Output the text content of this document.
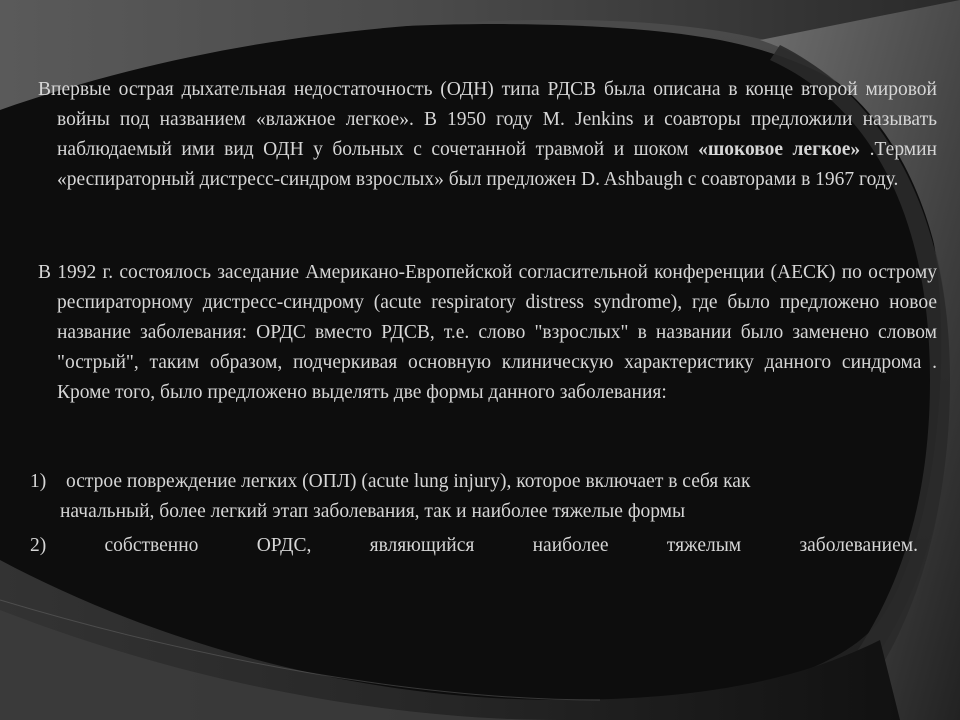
Впервые острая дыхательная недостаточность (ОДН) типа РДСВ была описана в конце второй мировой войны под названием «влажное легкое». В 1950 году M. Jenkins и соавторы предложили называть наблюдаемый ими вид ОДН у больных с сочетанной травмой и шоком «шоковое легкое» .Термин «респираторный дистресс-синдром взрослых» был предложен D. Ashbaugh с соавторами в 1967 году.

В 1992 г. состоялось заседание Американо-Европейской согласительной конференции (АЕСК) по острому респираторному дистресс-синдрому (acute respiratory distress syndrome), где было предложено новое название заболевания: ОРДС вместо РДСВ, т.е. слово "взрослых" в названии было заменено словом "острый", таким образом, подчеркивая основную клиническую характеристику данного синдрома . Кроме того, было предложено выделять две формы данного заболевания:

1)	острое повреждение легких (ОПЛ) (acute lung injury), которое включает в себя как
начальный, более легкий этап заболевания, так и наиболее тяжелые формы
2)	собственно	ОРДС,	являющийся	наиболее	тяжелым	заболеванием.
